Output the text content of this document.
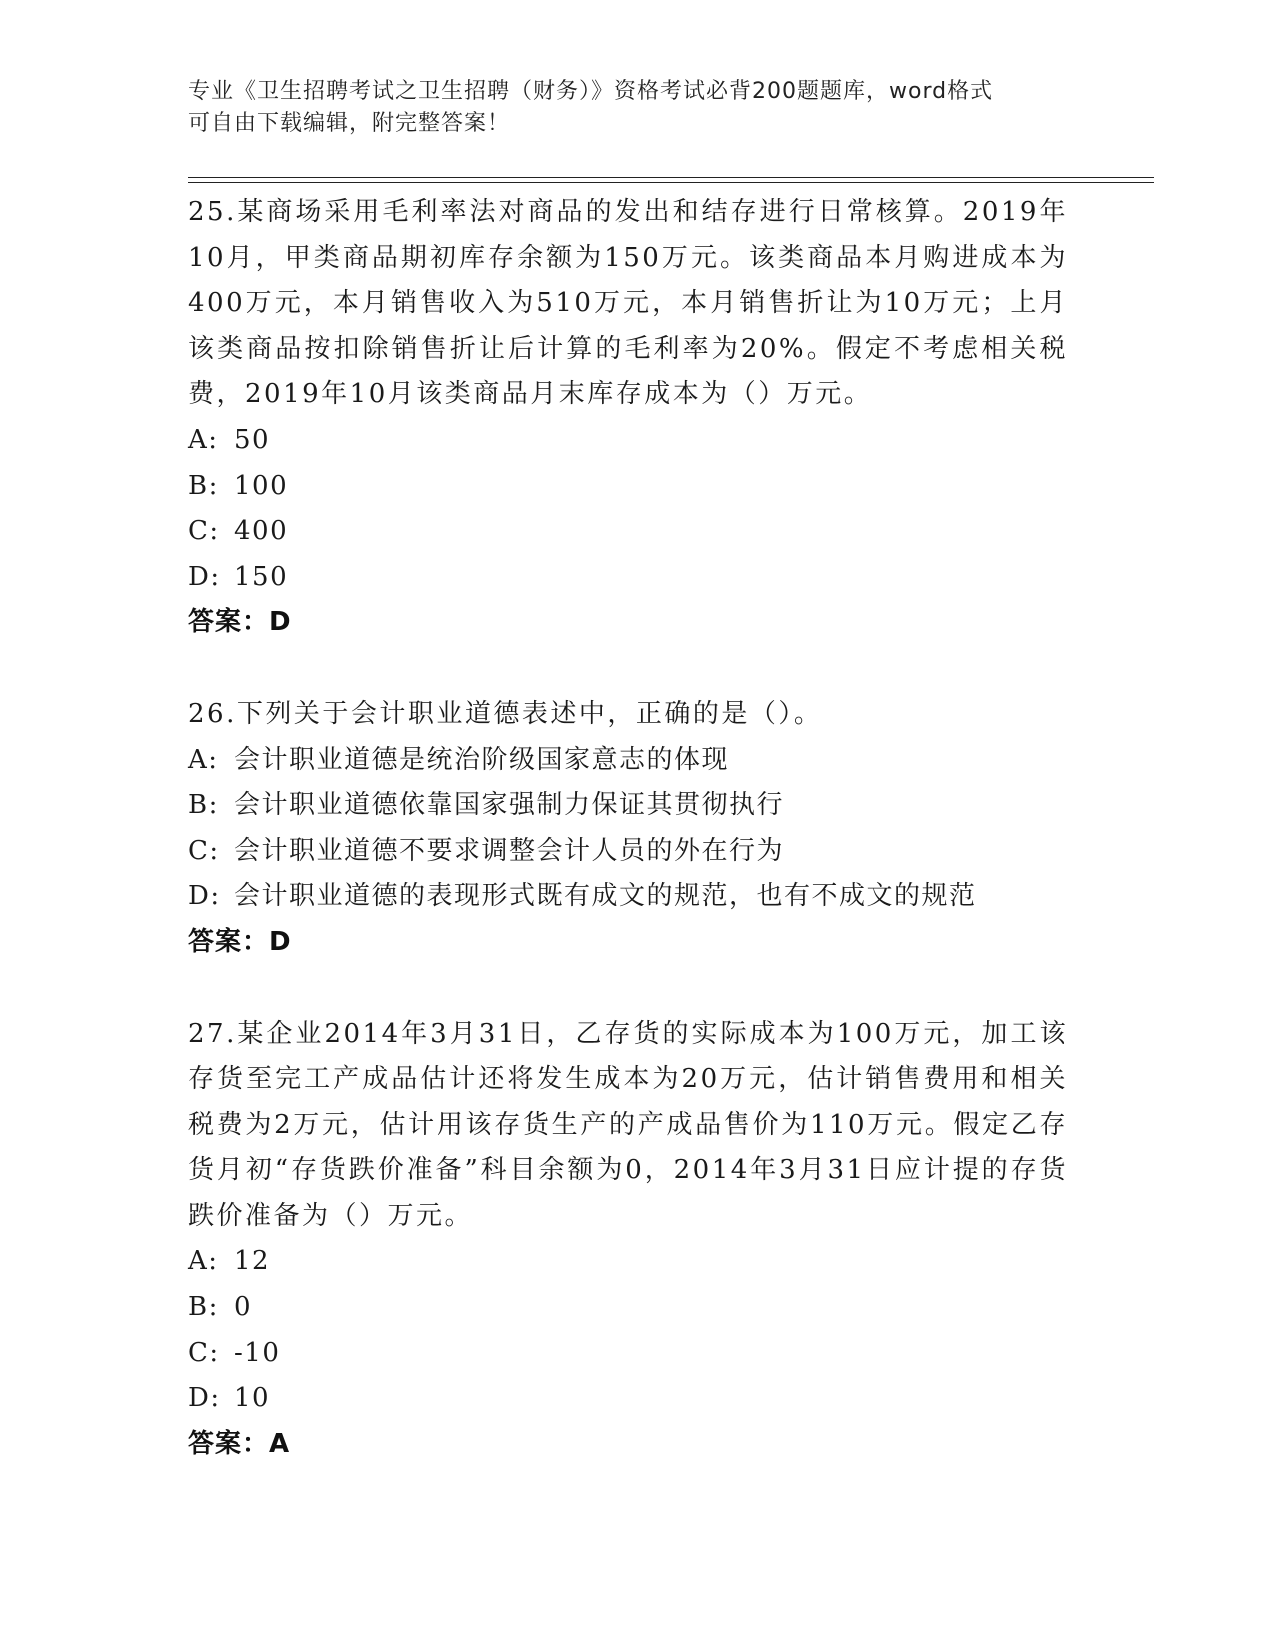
专业《卫生招聘考试之卫生招聘（财务）》资格考试必背200题题库，word格式

可自由下载编辑，附完整答案！

25.某商场采用毛利率法对商品的发出和结存进行日常核算。2019年10月，甲类商品期初库存余额为150万元。该类商品本月购进成本为400万元，本月销售收入为510万元，本月销售折让为10万元；上月该类商品按扣除销售折让后计算的毛利率为20%。假定不考虑相关税费，2019年10月该类商品月末库存成本为（）万元。

A: 50
B: 100
C: 400
D: 150
答案：D

26.下列关于会计职业道德表述中，正确的是（）。

A: 会计职业道德是统治阶级国家意志的体现
B: 会计职业道德依靠国家强制力保证其贯彻执行
C: 会计职业道德不要求调整会计人员的外在行为
D: 会计职业道德的表现形式既有成文的规范，也有不成文的规范
答案：D

27.某企业2014年3月31日，乙存货的实际成本为100万元，加工该存货至完工产成品估计还将发生成本为20万元，估计销售费用和相关税费为2万元，估计用该存货生产的产成品售价为110万元。假定乙存货月初“存货跌价准备”科目余额为0，2014年3月31日应计提的存货跌价准备为（）万元。

A: 12
B: 0
C: -10
D: 10
答案：A
